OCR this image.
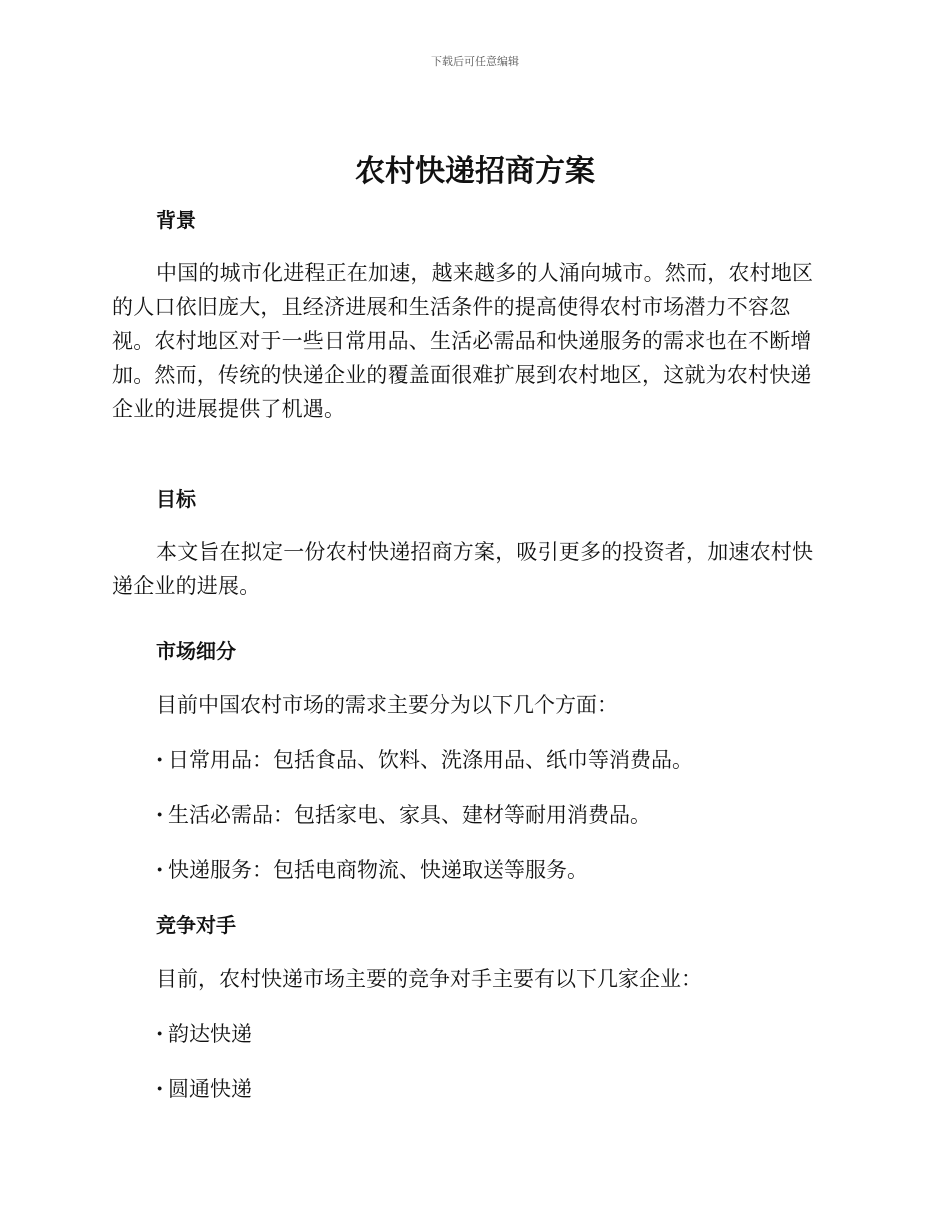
下载后可任意编辑
农村快递招商方案
背景

中国的城市化进程正在加速，越来越多的人涌向城市。然而，农村地区的人口依旧庞大，且经济进展和生活条件的提高使得农村市场潜力不容忽视。农村地区对于一些日常用品、生活必需品和快递服务的需求也在不断增加。然而，传统的快递企业的覆盖面很难扩展到农村地区，这就为农村快递企业的进展提供了机遇。

目标

本文旨在拟定一份农村快递招商方案，吸引更多的投资者，加速农村快递企业的进展。

市场细分

目前中国农村市场的需求主要分为以下几个方面：

· 日常用品：包括食品、饮料、洗涤用品、纸巾等消费品。
· 生活必需品：包括家电、家具、建材等耐用消费品。
· 快递服务：包括电商物流、快递取送等服务。
竞争对手

目前，农村快递市场主要的竞争对手主要有以下几家企业：

· 韵达快递
· 圆通快递
